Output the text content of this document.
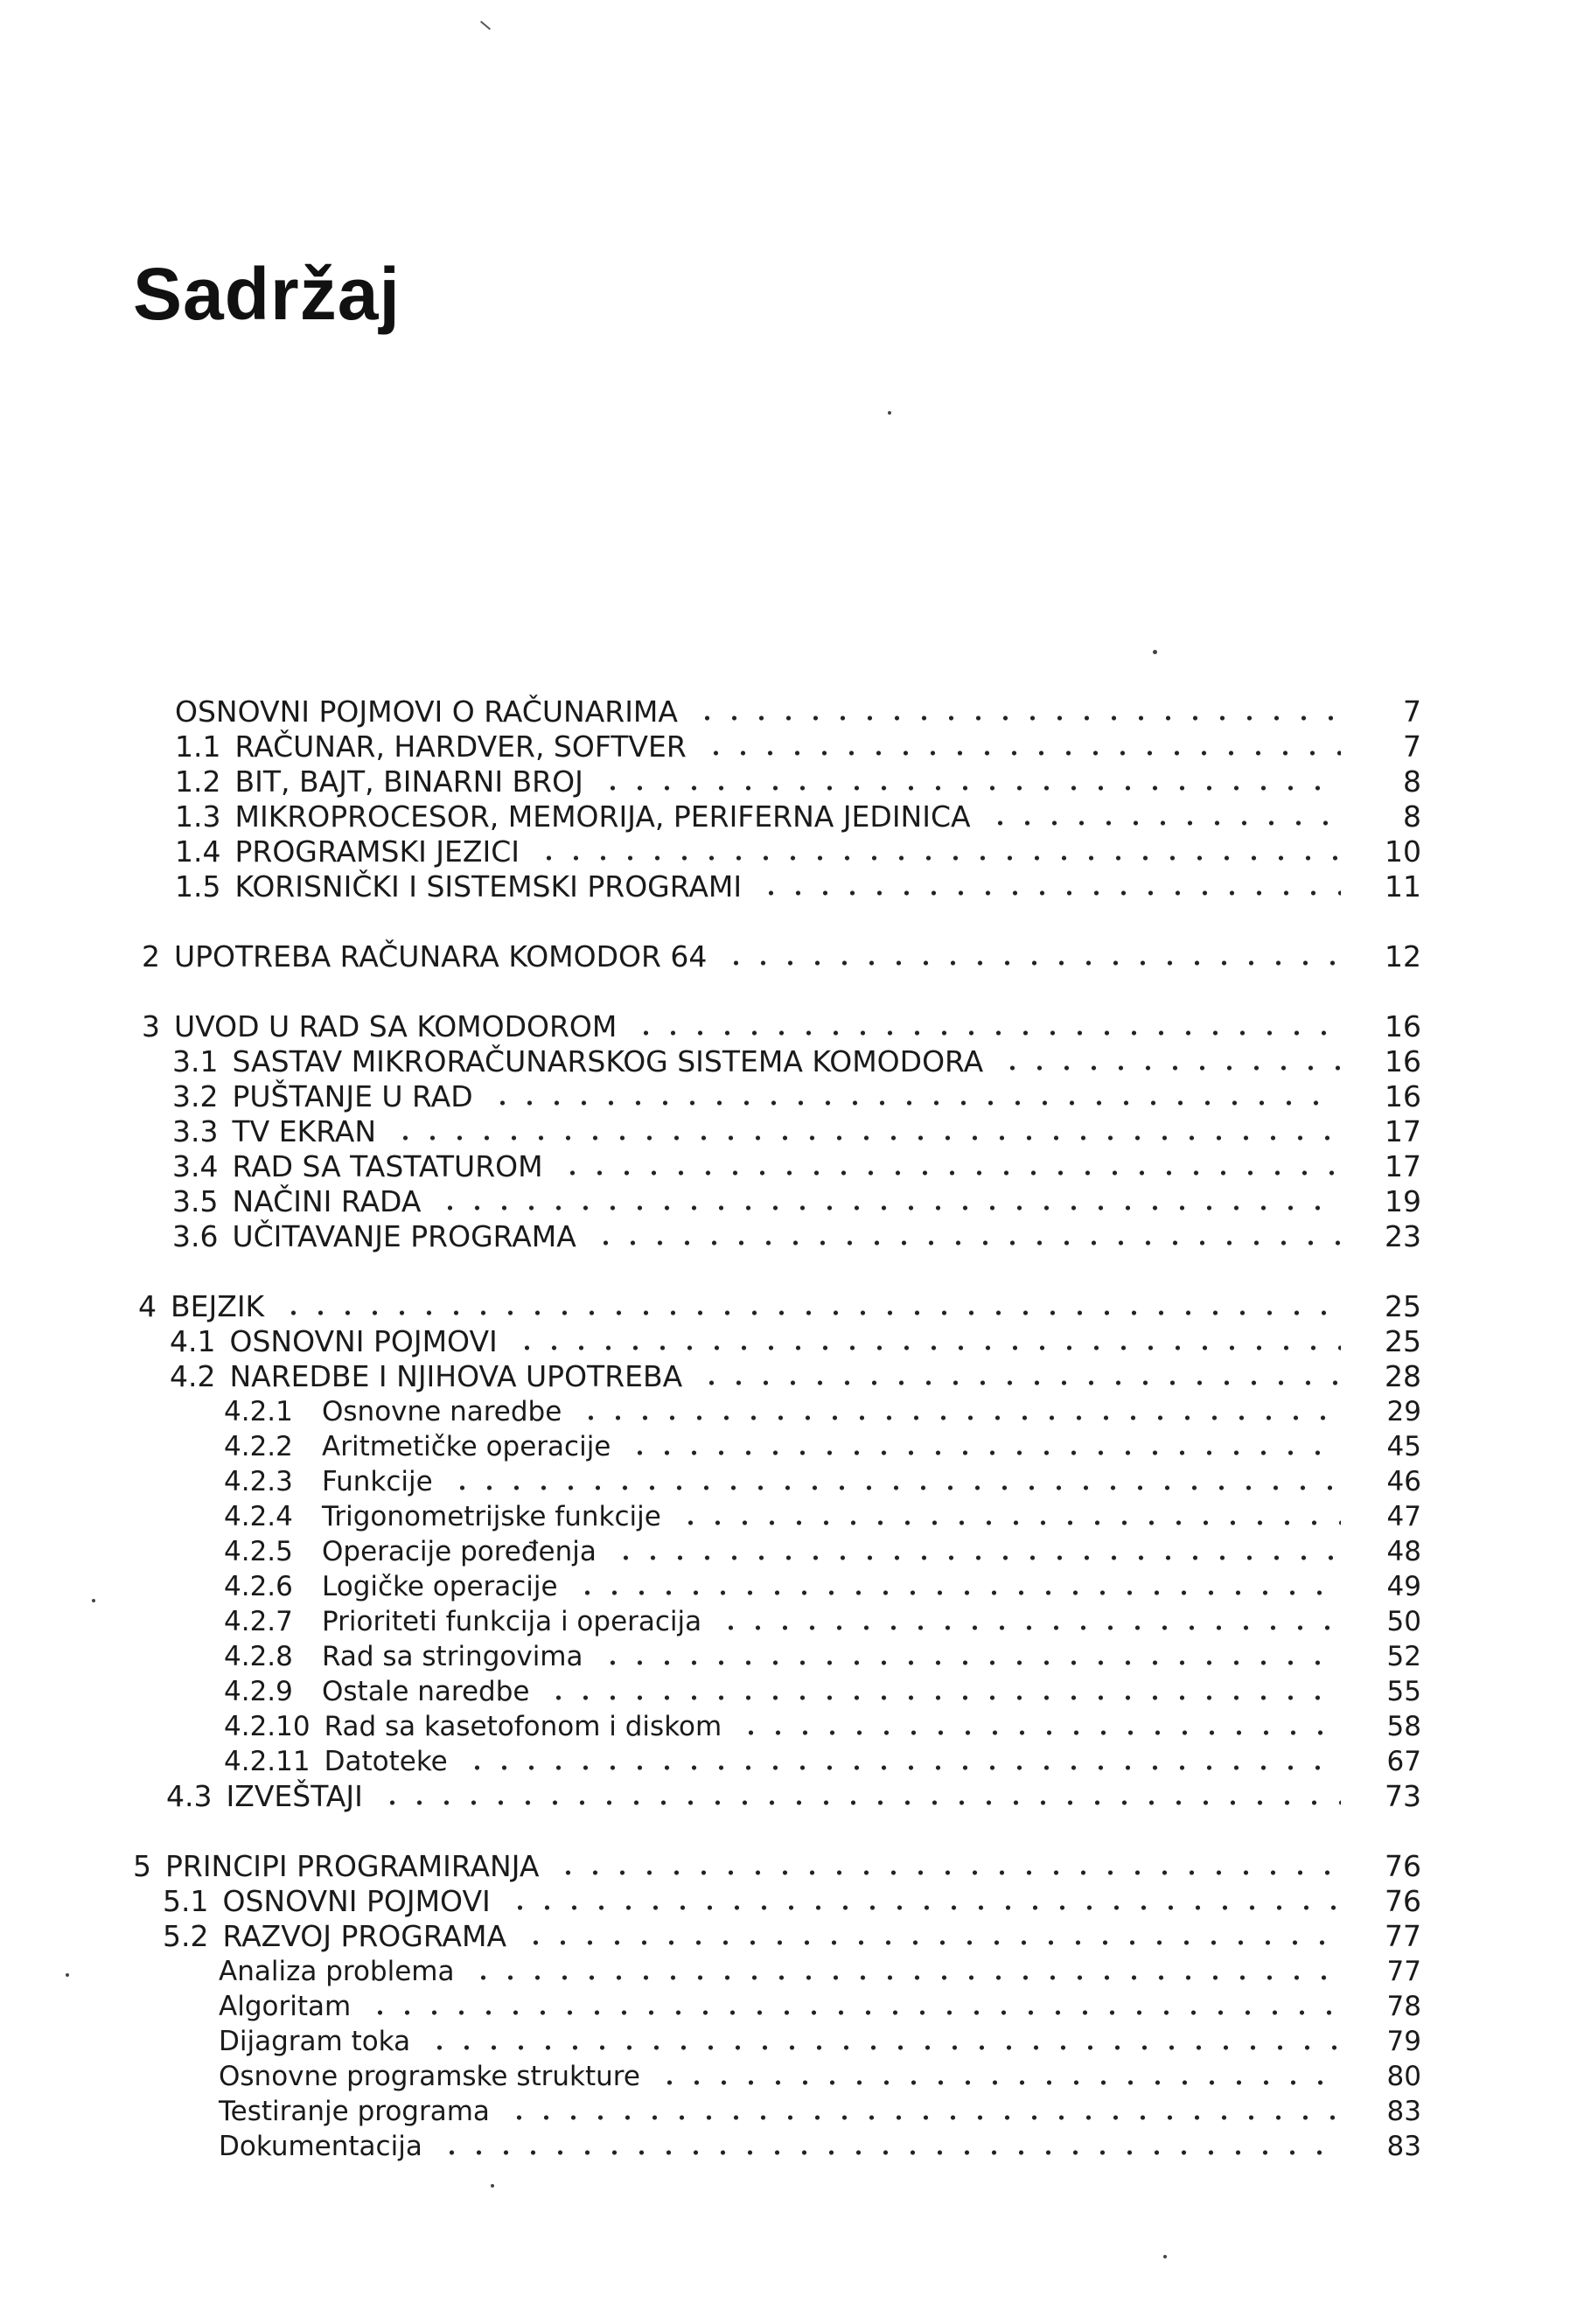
Sadržaj
OSNOVNI POJMOVI O RAČUNARIMA	7
1.1 RAČUNAR, HARDVER, SOFTVER	7
1.2 BIT, BAJT, BINARNI BROJ	8
1.3 MIKROPROCESOR, MEMORIJA, PERIFERNA JEDINICA	8
1.4 PROGRAMSKI JEZICI	10
1.5 KORISNIČKI I SISTEMSKI PROGRAMI	11
2 UPOTREBA RAČUNARA KOMODOR 64	12
3 UVOD U RAD SA KOMODOROM	16
3.1 SASTAV MIKRORAČUNARSKOG SISTEMA KOMODORA	16
3.2 PUŠTANJE U RAD	16
3.3 TV EKRAN	17
3.4 RAD SA TASTATUROM	17
3.5 NAČINI RADA	19
3.6 UČITAVANJE PROGRAMA	23
4 BEJZIK	25
4.1 OSNOVNI POJMOVI	25
4.2 NAREDBE I NJIHOVA UPOTREBA	28
4.2.1	Osnovne naredbe	29
4.2.2	Aritmetičke operacije	45
4.2.3	Funkcije	46
4.2.4	Trigonometrijske funkcije	47
4.2.5	Operacije poređenja	48
4.2.6	Logičke operacije	49
4.2.7	Prioriteti funkcija i operacija	50
4.2.8	Rad sa stringovima	52
4.2.9	Ostale naredbe	55
4.2.10 Rad sa kasetofonom i diskom	58
4.2.11 Datoteke	67
4.3 IZVEŠTAJI	73
5 PRINCIPI PROGRAMIRANJA	76
5.1 OSNOVNI POJMOVI	76
5.2 RAZVOJ PROGRAMA	77
Analiza problema	77
Algoritam	78
Dijagram toka	79
Osnovne programske strukture	80
Testiranje programa	83
Dokumentacija	83
